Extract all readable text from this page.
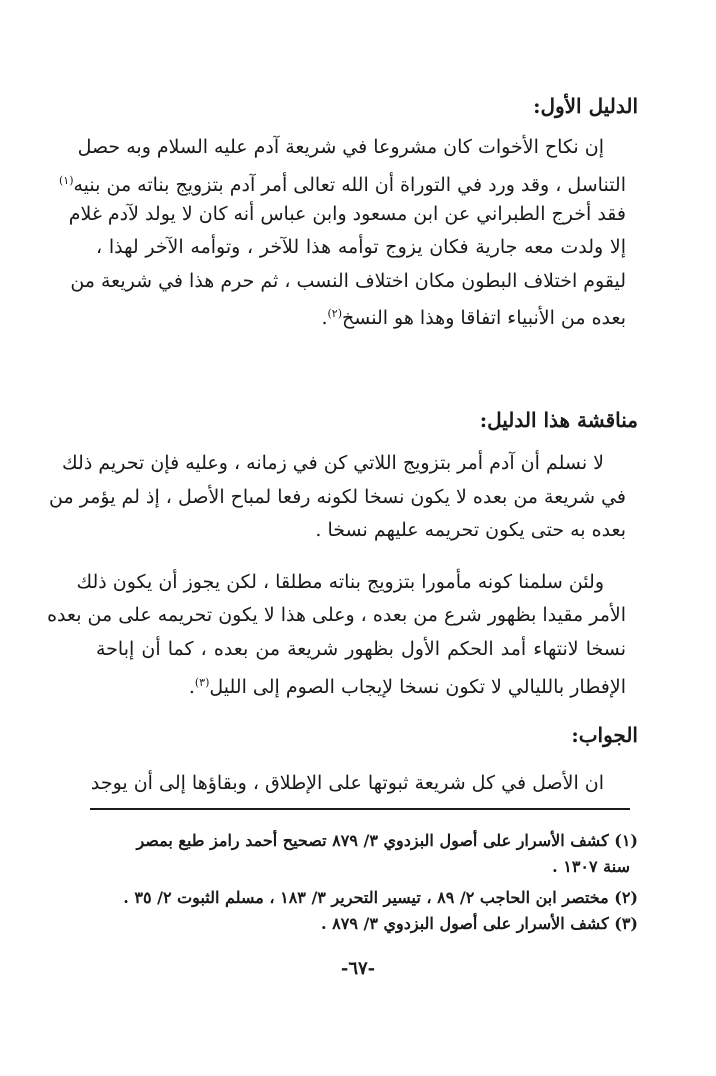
الدليل الأول:
إن نكاح الأخوات كان مشروعا في شريعة آدم عليه السلام وبه حصل
التناسل ، وقد ورد في التوراة أن الله تعالى أمر آدم بتزويج بناته من بنيه$^{(١)}$
فقد أخرج الطبراني عن ابن مسعود وابن عباس أنه كان لا يولد لآدم غلام
إلا ولدت معه جارية فكان يزوج توأمه هذا للآخر ، وتوأمه الآخر لهذا ،
ليقوم اختلاف البطون مكان اختلاف النسب ، ثم حرم هذا في شريعة من
بعده من الأنبياء اتفاقا وهذا هو النسخ$^{(٢)}$.
مناقشة هذا الدليل:
لا نسلم أن آدم أمر بتزويج اللاتي كن في زمانه ، وعليه فإن تحريم ذلك
في شريعة من بعده لا يكون نسخا لكونه رفعا لمباح الأصل ، إذ لم يؤمر من
بعده به حتى يكون تحريمه عليهم نسخا .
ولئن سلمنا كونه مأمورا بتزويج بناته مطلقا ، لكن يجوز أن يكون ذلك
الأمر مقيدا بظهور شرع من بعده ، وعلى هذا لا يكون تحريمه على من بعده
نسخا لانتهاء أمد الحكم الأول بظهور شريعة من بعده ، كما أن إباحة
الإفطار بالليالي لا تكون نسخا لإيجاب الصوم إلى الليل$^{(٣)}$.
الجواب:
ان الأصل في كل شريعة ثبوتها على الإطلاق ، وبقاؤها إلى أن يوجد
(١) كشف الأسرار على أصول البزدوي ٣/ ٨٧٩ تصحيح أحمد رامز طبع بمصر
سنة ١٣٠٧ .
(٢) مختصر ابن الحاجب ٢/ ٨٩ ، تيسير التحرير ٣/ ١٨٣ ، مسلم الثبوت ٢/ ٣٥ .
(٣) كشف الأسرار على أصول البزدوي ٣/ ٨٧٩ .
-٦٧-
